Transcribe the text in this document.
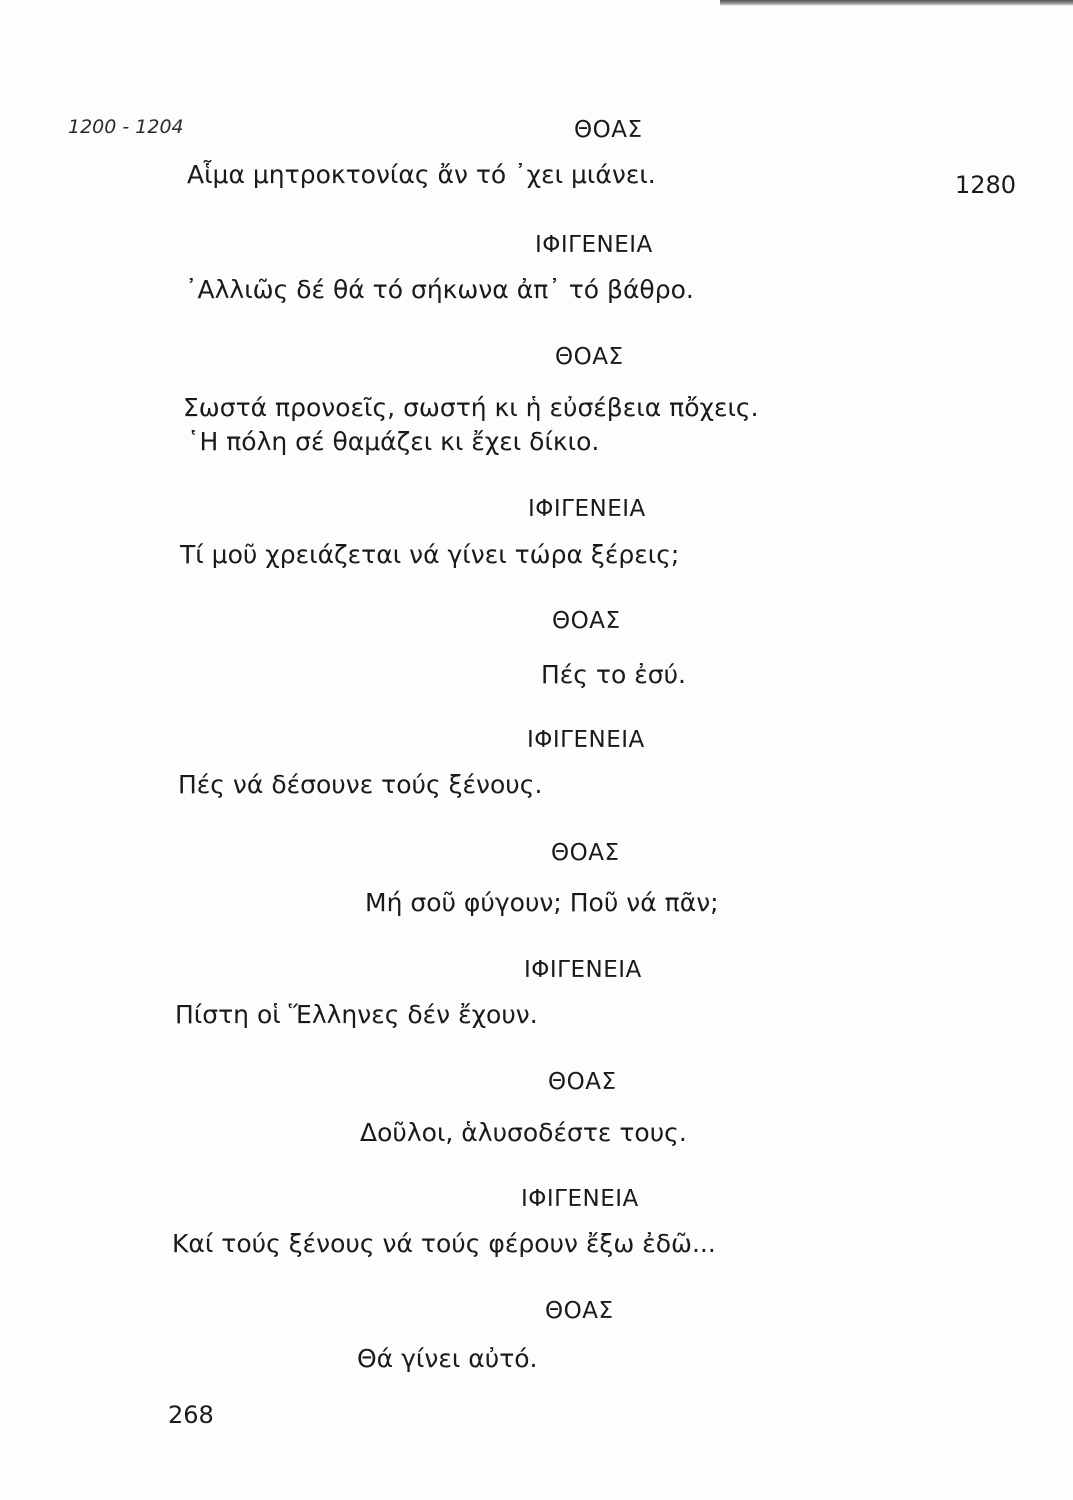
1200 - 1204
1280
ΘΟΑΣ
Αἷμα μητροκτονίας ἄν τό ᾽χει μιάνει.
ΙΦΙΓΕΝΕΙΑ
᾽Αλλιῶς δέ θά τό σήκωνα ἀπ᾽ τό βάθρο.
ΘΟΑΣ
Σωστά προνοεῖς, σωστή κι ἡ εὐσέβεια πὄχεις.
῾Η πόλη σέ θαμάζει κι ἔχει δίκιο.
ΙΦΙΓΕΝΕΙΑ
Τί μοῦ χρειάζεται νά γίνει τώρα ξέρεις;
ΘΟΑΣ
Πές το ἐσύ.
ΙΦΙΓΕΝΕΙΑ
Πές νά δέσουνε τούς ξένους.
ΘΟΑΣ
Μή σοῦ φύγουν; Ποῦ νά πᾶν;
ΙΦΙΓΕΝΕΙΑ
Πίστη οἱ Ἕλληνες δέν ἔχουν.
ΘΟΑΣ
Δοῦλοι, ἁλυσοδέστε τους.
ΙΦΙΓΕΝΕΙΑ
Καί τούς ξένους νά τούς φέρουν ἔξω ἐδῶ...
ΘΟΑΣ
Θά γίνει αὐτό.
268
